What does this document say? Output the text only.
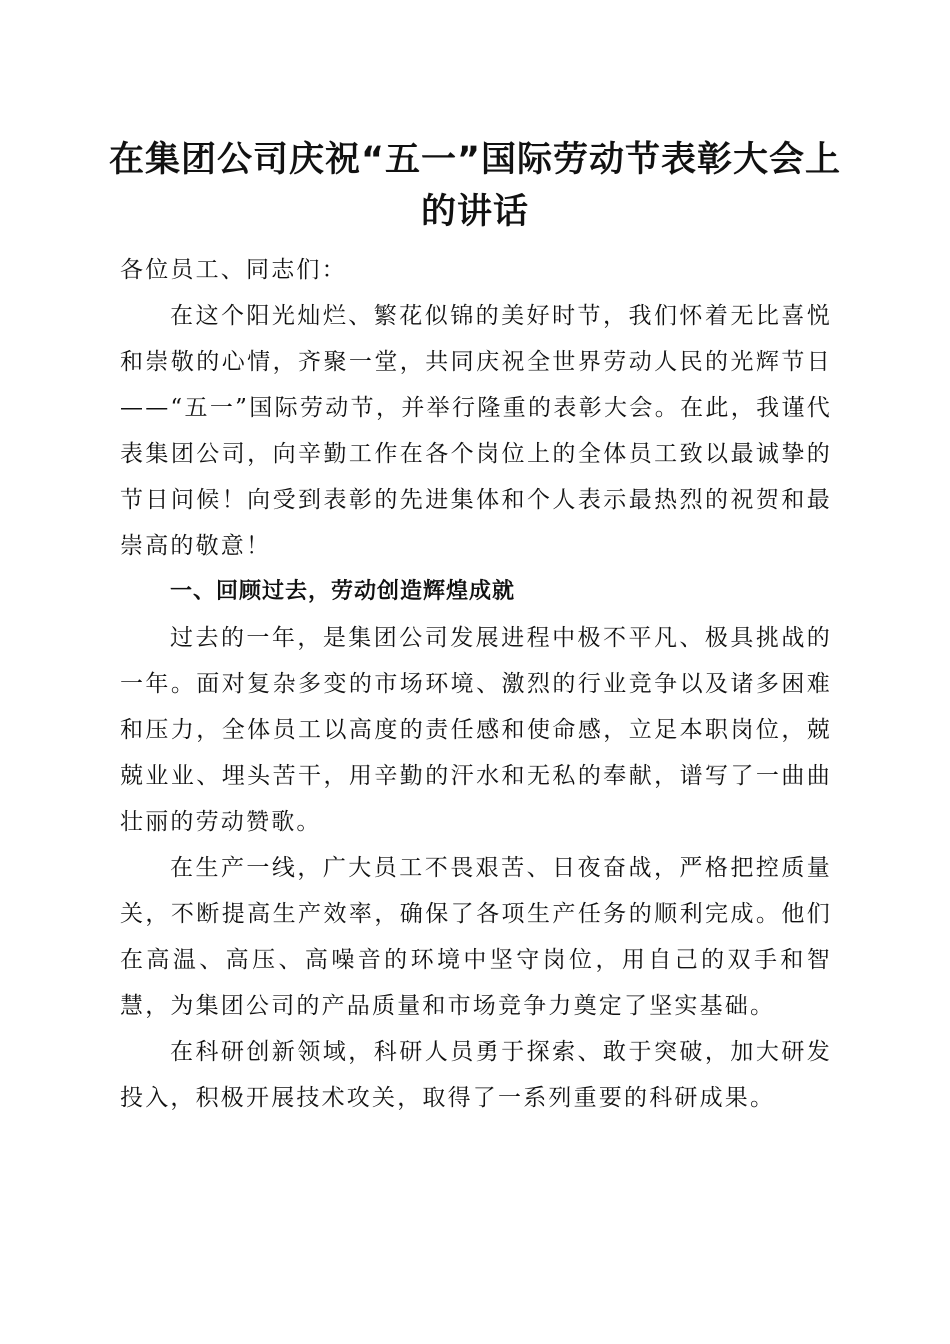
在集团公司庆祝“五一”国际劳动节表彰大会上的讲话

各位员工、同志们：

在这个阳光灿烂、繁花似锦的美好时节，我们怀着无比喜悦和崇敬的心情，齐聚一堂，共同庆祝全世界劳动人民的光辉节日——“五一”国际劳动节，并举行隆重的表彰大会。在此，我谨代表集团公司，向辛勤工作在各个岗位上的全体员工致以最诚挚的节日问候！向受到表彰的先进集体和个人表示最热烈的祝贺和最崇高的敬意！

一、回顾过去，劳动创造辉煌成就

过去的一年，是集团公司发展进程中极不平凡、极具挑战的一年。面对复杂多变的市场环境、激烈的行业竞争以及诸多困难和压力，全体员工以高度的责任感和使命感，立足本职岗位，兢兢业业、埋头苦干，用辛勤的汗水和无私的奉献，谱写了一曲曲壮丽的劳动赞歌。

在生产一线，广大员工不畏艰苦、日夜奋战，严格把控质量关，不断提高生产效率，确保了各项生产任务的顺利完成。他们在高温、高压、高噪音的环境中坚守岗位，用自己的双手和智慧，为集团公司的产品质量和市场竞争力奠定了坚实基础。

在科研创新领域，科研人员勇于探索、敢于突破，加大研发投入，积极开展技术攻关，取得了一系列重要的科研成果。
